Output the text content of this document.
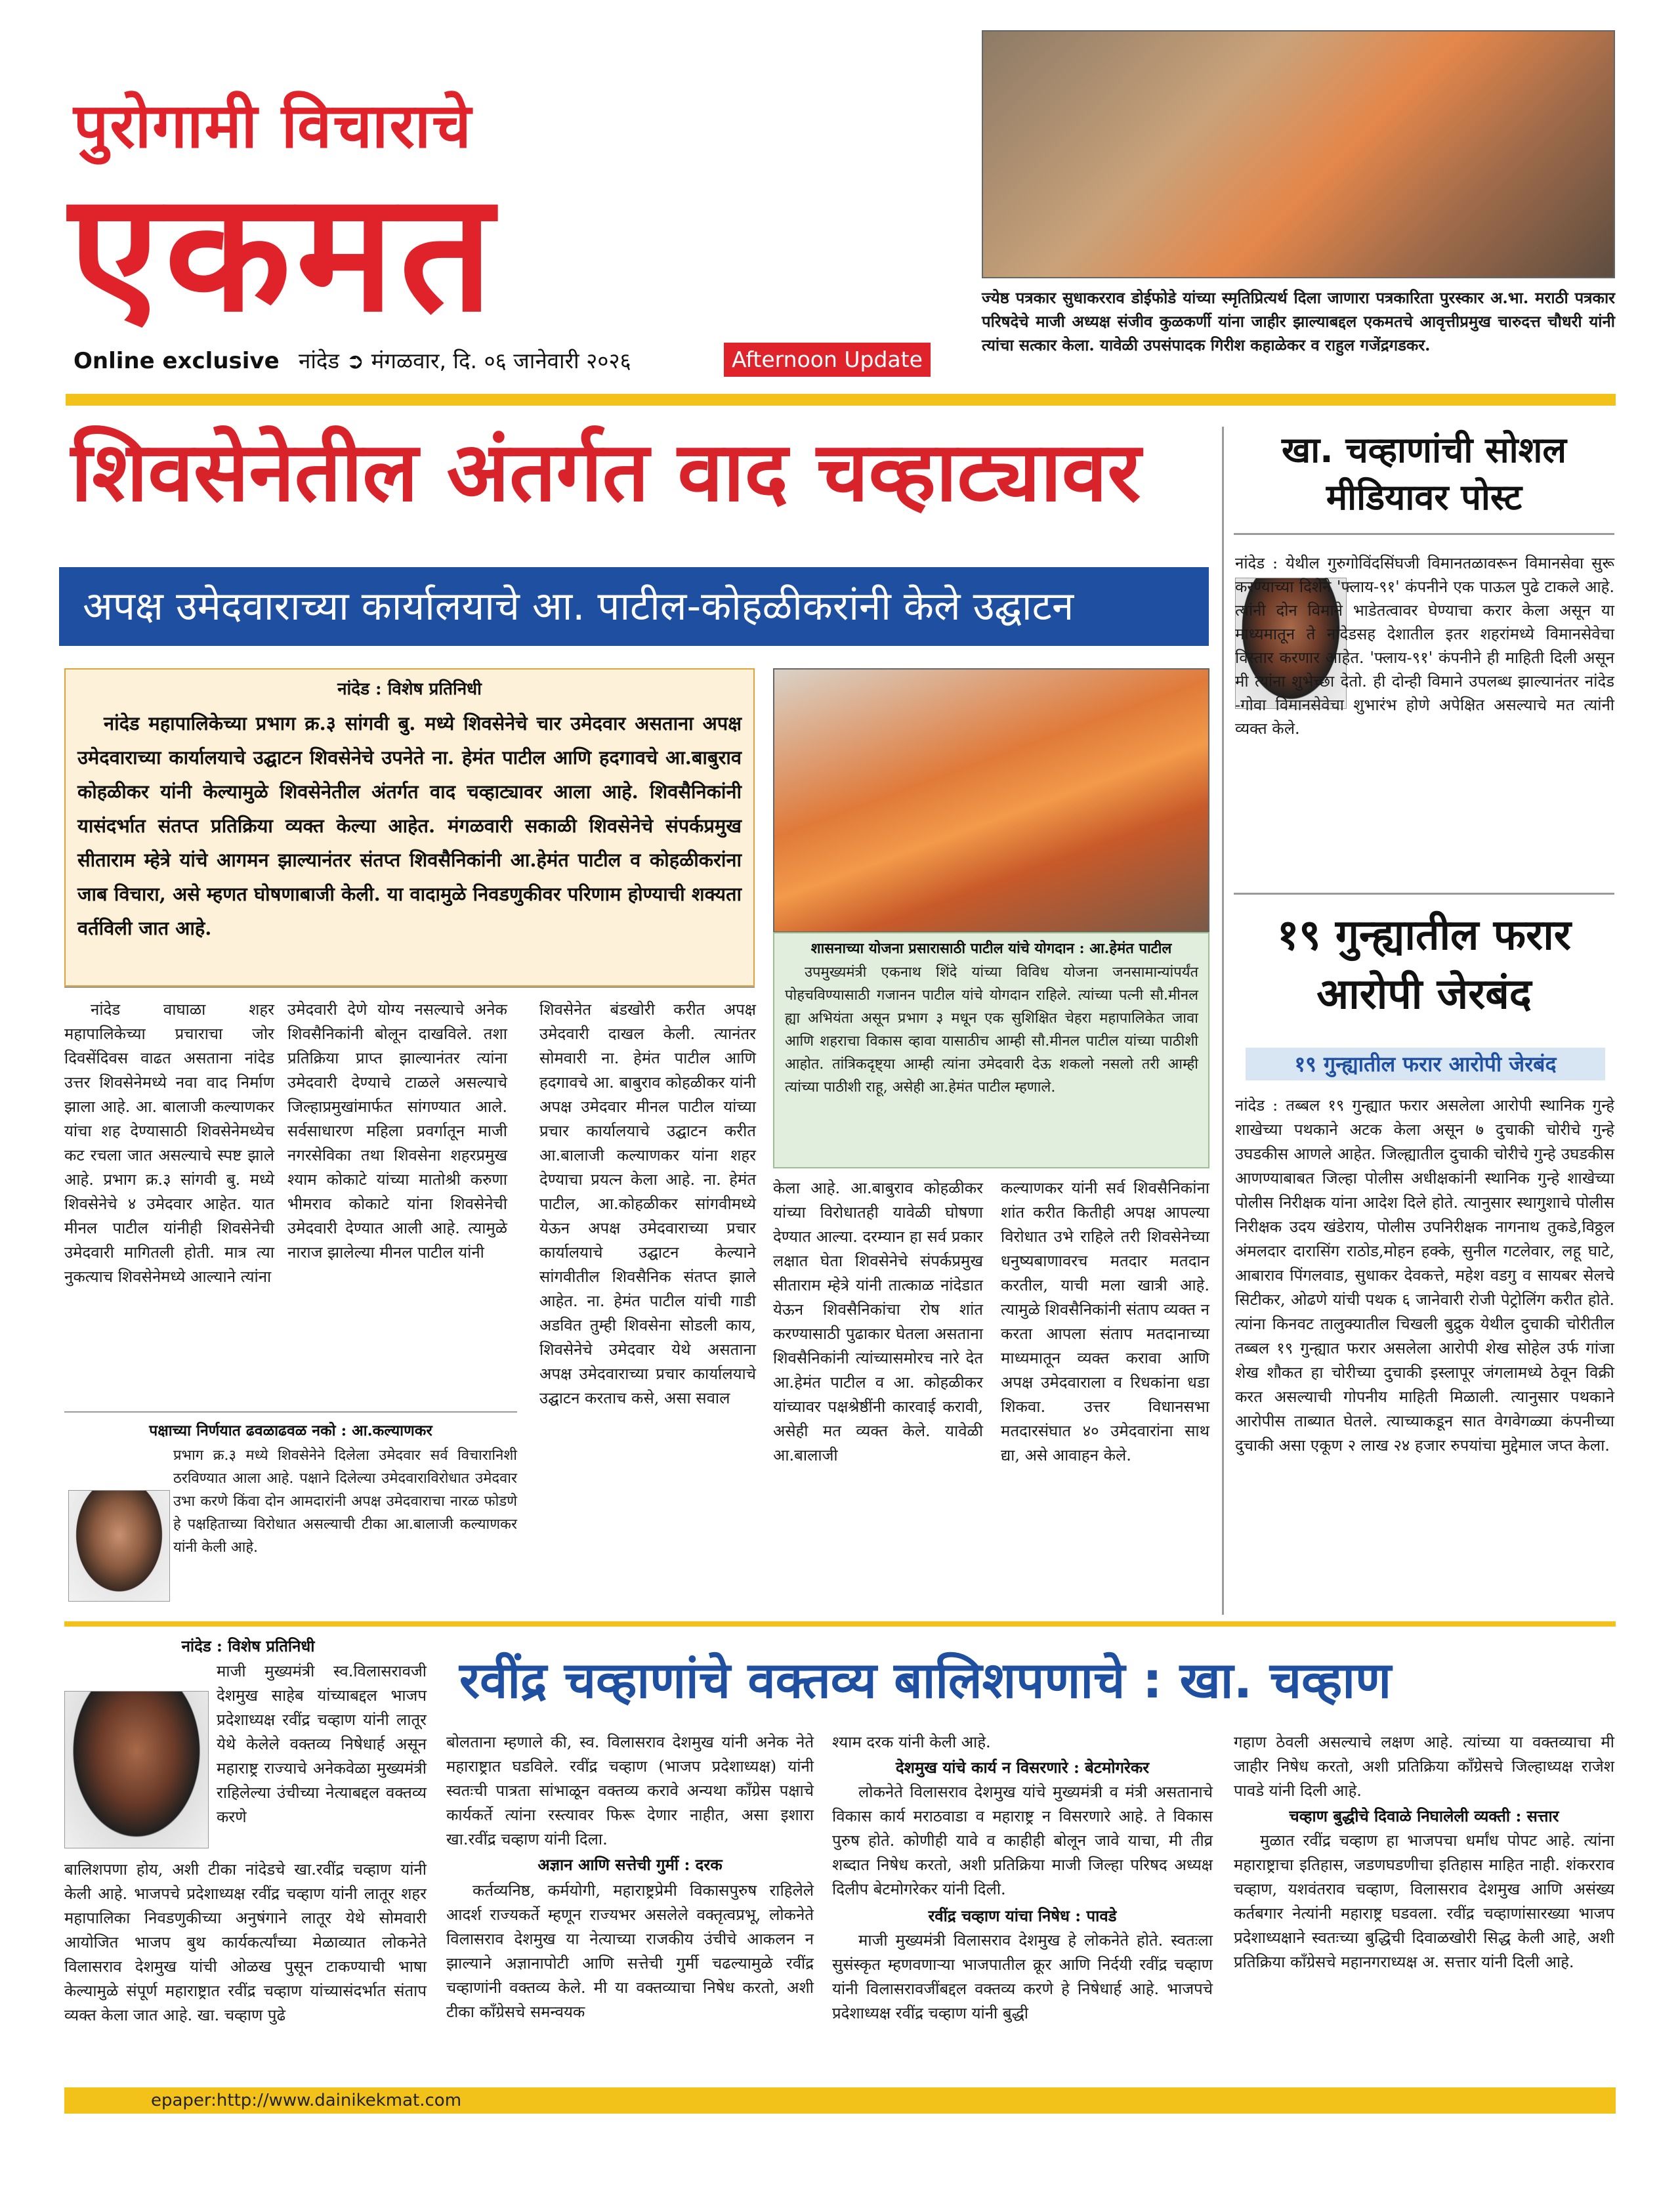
पुरोगामी विचाराचे
एकमत
Online exclusive नांदेड ➲ मंगळवार, दि. ०६ जानेवारी २०२६	Afternoon Update
ज्येष्ठ पत्रकार सुधाकरराव डोईफोडे यांच्या स्मृतिप्रित्यर्थ दिला जाणारा पत्रकारिता पुरस्कार अ.भा. मराठी पत्रकार परिषदेचे माजी अध्यक्ष संजीव कुळकर्णी यांना जाहीर झाल्याबद्दल एकमतचे आवृत्तीप्रमुख चारुदत्त चौधरी यांनी त्यांचा सत्कार केला. यावेळी उपसंपादक गिरीश कहाळेकर व राहुल गजेंद्रगडकर.
शिवसेनेतील अंतर्गत वाद चव्हाट्यावर
अपक्ष उमेदवाराच्या कार्यालयाचे आ. पाटील-कोहळीकरांनी केले उद्घाटन
नांदेड : विशेष प्रतिनिधी
नांदेड महापालिकेच्या प्रभाग क्र.३ सांगवी बु. मध्ये शिवसेनेचे चार उमेदवार असताना अपक्ष उमेदवाराच्या कार्यालयाचे उद्घाटन शिवसेनेचे उपनेते ना. हेमंत पाटील आणि हदगावचे आ.बाबुराव कोहळीकर यांनी केल्यामुळे शिवसेनेतील अंतर्गत वाद चव्हाट्यावर आला आहे. शिवसैनिकांनी यासंदर्भात संतप्त प्रतिक्रिया व्यक्त केल्या आहेत. मंगळवारी सकाळी शिवसेनेचे संपर्कप्रमुख सीताराम म्हेत्रे यांचे आगमन झाल्यानंतर संतप्त शिवसैनिकांनी आ.हेमंत पाटील व कोहळीकरांना जाब विचारा, असे म्हणत घोषणाबाजी केली. या वादामुळे निवडणुकीवर परिणाम होण्याची शक्यता वर्तविली जात आहे.
शासनाच्या योजना प्रसारासाठी पाटील यांचे योगदान : आ.हेमंत पाटील
उपमुख्यमंत्री एकनाथ शिंदे यांच्या विविध योजना जनसामान्यांपर्यंत पोहचविण्यासाठी गजानन पाटील यांचे योगदान राहिले. त्यांच्या पत्नी सौ.मीनल ह्या अभियंता असून प्रभाग ३ मधून एक सुशिक्षित चेहरा महापालिकेत जावा आणि शहराचा विकास व्हावा यासाठीच आम्ही सौ.मीनल पाटील यांच्या पाठीशी आहोत. तांत्रिकदृष्ट्या आम्ही त्यांना उमेदवारी देऊ शकलो नसलो तरी आम्ही त्यांच्या पाठीशी राहू, असेही आ.हेमंत पाटील म्हणाले.
नांदेड वाघाळा शहर महापालिकेच्या प्रचाराचा जोर दिवसेंदिवस वाढत असताना नांदेड उत्तर शिवसेनेमध्ये नवा वाद निर्माण झाला आहे. आ. बालाजी कल्याणकर यांचा शह देण्यासाठी शिवसेनेमध्येच कट रचला जात असल्याचे स्पष्ट झाले आहे. प्रभाग क्र.३ सांगवी बु. मध्ये शिवसेनेचे ४ उमेदवार आहेत. यात मीनल पाटील यांनीही शिवसेनेची उमेदवारी मागितली होती. मात्र त्या नुकत्याच शिवसेनेमध्ये आल्याने त्यांना
उमेदवारी देणे योग्य नसल्याचे अनेक शिवसैनिकांनी बोलून दाखविले. तशा प्रतिक्रिया प्राप्त झाल्यानंतर त्यांना उमेदवारी देण्याचे टाळले असल्याचे जिल्हाप्रमुखांमार्फत सांगण्यात आले. सर्वसाधारण महिला प्रवर्गातून माजी नगरसेविका तथा शिवसेना शहरप्रमुख श्याम कोकाटे यांच्या मातोश्री करुणा भीमराव कोकाटे यांना शिवसेनेची उमेदवारी देण्यात आली आहे. त्यामुळे नाराज झालेल्या मीनल पाटील यांनी
शिवसेनेत बंडखोरी करीत अपक्ष उमेदवारी दाखल केली. त्यानंतर सोमवारी ना. हेमंत पाटील आणि हदगावचे आ. बाबुराव कोहळीकर यांनी अपक्ष उमेदवार मीनल पाटील यांच्या प्रचार कार्यालयाचे उद्घाटन करीत आ.बालाजी कल्याणकर यांना शहर देण्याचा प्रयत्न केला आहे. ना. हेमंत पाटील, आ.कोहळीकर सांगवीमध्ये येऊन अपक्ष उमेदवाराच्या प्रचार कार्यालयाचे उद्घाटन केल्याने सांगवीतील शिवसैनिक संतप्त झाले आहेत. ना. हेमंत पाटील यांची गाडी अडवित तुम्ही शिवसेना सोडली काय, शिवसेनेचे उमेदवार येथे असताना अपक्ष उमेदवाराच्या प्रचार कार्यालयाचे उद्घाटन करताच कसे, असा सवाल
केला आहे. आ.बाबुराव कोहळीकर यांच्या विरोधातही यावेळी घोषणा देण्यात आल्या. दरम्यान हा सर्व प्रकार लक्षात घेता शिवसेनेचे संपर्कप्रमुख सीताराम म्हेत्रे यांनी तात्काळ नांदेडात येऊन शिवसैनिकांचा रोष शांत करण्यासाठी पुढाकार घेतला असताना शिवसैनिकांनी त्यांच्यासमोरच नारे देत आ.हेमंत पाटील व आ. कोहळीकर यांच्यावर पक्षश्रेष्ठींनी कारवाई करावी, असेही मत व्यक्त केले. यावेळी आ.बालाजी
कल्याणकर यांनी सर्व शिवसैनिकांना शांत करीत कितीही अपक्ष आपल्या विरोधात उभे राहिले तरी शिवसेनेच्या धनुष्यबाणावरच मतदार मतदान करतील, याची मला खात्री आहे. त्यामुळे शिवसैनिकांनी संताप व्यक्त न करता आपला संताप मतदानाच्या माध्यमातून व्यक्त करावा आणि अपक्ष उमेदवाराला व रिधकांना धडा शिकवा. उत्तर विधानसभा मतदारसंघात ४० उमेदवारांना साथ द्या, असे आवाहन केले.
पक्षाच्या निर्णयात ढवळाढवळ नको : आ.कल्याणकर
प्रभाग क्र.३ मध्ये शिवसेनेने दिलेला उमेदवार सर्व विचारानिशी ठरविण्यात आला आहे. पक्षाने दिलेल्या उमेदवाराविरोधात उमेदवार उभा करणे किंवा दोन आमदारांनी अपक्ष उमेदवाराचा नारळ फोडणे हे पक्षहिताच्या विरोधात असल्याची टीका आ.बालाजी कल्याणकर यांनी केली आहे.
खा. चव्हाणांची सोशल मीडियावर पोस्ट
नांदेड : येथील गुरुगोविंदसिंघजी विमानतळावरून विमानसेवा सुरू करण्याच्या दिशेने 'फ्लाय-९१' कंपनीने एक पाऊल पुढे टाकले आहे. त्यांनी दोन विमाने भाडेतत्वावर घेण्याचा करार केला असून या माध्यमातून ते नांदेडसह देशातील इतर शहरांमध्ये विमानसेवेचा विस्तार करणार आहेत. 'फ्लाय-९१' कंपनीने ही माहिती दिली असून मी त्यांना शुभेच्छा देतो. ही दोन्ही विमाने उपलब्ध झाल्यानंतर नांदेड -गोवा विमानसेवेचा शुभारंभ होणे अपेक्षित असल्याचे मत त्यांनी व्यक्त केले.
१९ गुन्ह्यातील फरार आरोपी जेरबंद
१९ गुन्ह्यातील फरार आरोपी जेरबंद
नांदेड : तब्बल १९ गुन्ह्यात फरार असलेला आरोपी स्थानिक गुन्हे शाखेच्या पथकाने अटक केला असून ७ दुचाकी चोरीचे गुन्हे उघडकीस आणले आहेत. जिल्ह्यातील दुचाकी चोरीचे गुन्हे उघडकीस आणण्याबाबत जिल्हा पोलीस अधीक्षकांनी स्थानिक गुन्हे शाखेच्या पोलीस निरीक्षक यांना आदेश दिले होते. त्यानुसार स्थागुशाचे पोलीस निरीक्षक उदय खंडेराय, पोलीस उपनिरीक्षक नागनाथ तुकडे,विठ्ठल अंमलदार दारासिंग राठोड,मोहन हक्के, सुनील गटलेवार, लहू घाटे, आबाराव पिंगलवाड, सुधाकर देवकत्ते, महेश वडगु व सायबर सेलचे सिटीकर, ओढणे यांची पथक ६ जानेवारी रोजी पेट्रोलिंग करीत होते. त्यांना किनवट तालुक्यातील चिखली बुद्रुक येथील दुचाकी चोरीतील तब्बल १९ गुन्ह्यात फरार असलेला आरोपी शेख सोहेल उर्फ गांजा शेख शौकत हा चोरीच्या दुचाकी इस्लापूर जंगलामध्ये ठेवून विक्री करत असल्याची गोपनीय माहिती मिळाली. त्यानुसार पथकाने आरोपीस ताब्यात घेतले. त्याच्याकडून सात वेगवेगळ्या कंपनीच्या दुचाकी असा एकूण २ लाख २४ हजार रुपयांचा मुद्देमाल जप्त केला.
नांदेड : विशेष प्रतिनिधी
माजी मुख्यमंत्री स्व.विलासरावजी देशमुख साहेब यांच्याबद्दल भाजप प्रदेशाध्यक्ष रवींद्र चव्हाण यांनी लातूर येथे केलेले वक्तव्य निषेधार्ह असून महाराष्ट्र राज्याचे अनेकवेळा मुख्यमंत्री राहिलेल्या उंचीच्या नेत्याबद्दल वक्तव्य करणे
बालिशपणा होय, अशी टीका नांदेडचे खा.रवींद्र चव्हाण यांनी केली आहे. भाजपचे प्रदेशाध्यक्ष रवींद्र चव्हाण यांनी लातूर शहर महापालिका निवडणुकीच्या अनुषंगाने लातूर येथे सोमवारी आयोजित भाजप बुथ कार्यकर्त्यांच्या मेळाव्यात लोकनेते विलासराव देशमुख यांची ओळख पुसून टाकण्याची भाषा केल्यामुळे संपूर्ण महाराष्ट्रात रवींद्र चव्हाण यांच्यासंदर्भात संताप व्यक्त केला जात आहे. खा. चव्हाण पुढे
रवींद्र चव्हाणांचे वक्तव्य बालिशपणाचे : खा. चव्हाण
बोलताना म्हणाले की, स्व. विलासराव देशमुख यांनी अनेक नेते महाराष्ट्रात घडविले. रवींद्र चव्हाण (भाजप प्रदेशाध्यक्ष) यांनी स्वतःची पात्रता सांभाळून वक्तव्य करावे अन्यथा काँग्रेस पक्षाचे कार्यकर्ते त्यांना रस्त्यावर फिरू देणार नाहीत, असा इशारा खा.रवींद्र चव्हाण यांनी दिला.
अज्ञान आणि सत्तेची गुर्मी : दरक
कर्तव्यनिष्ठ, कर्मयोगी, महाराष्ट्रप्रेमी विकासपुरुष राहिलेले आदर्श राज्यकर्ते म्हणून राज्यभर असलेले वक्तृत्वप्रभू, लोकनेते विलासराव देशमुख या नेत्याच्या राजकीय उंचीचे आकलन न झाल्याने अज्ञानापोटी आणि सत्तेची गुर्मी चढल्यामुळे रवींद्र चव्हाणांनी वक्तव्य केले. मी या वक्तव्याचा निषेध करतो, अशी टीका काँग्रेसचे समन्वयक
श्याम दरक यांनी केली आहे.
देशमुख यांचे कार्य न विसरणारे : बेटमोगरेकर
लोकनेते विलासराव देशमुख यांचे मुख्यमंत्री व मंत्री असतानाचे विकास कार्य मराठवाडा व महाराष्ट्र न विसरणारे आहे. ते विकास पुरुष होते. कोणीही यावे व काहीही बोलून जावे याचा, मी तीव्र शब्दात निषेध करतो, अशी प्रतिक्रिया माजी जिल्हा परिषद अध्यक्ष दिलीप बेटमोगरेकर यांनी दिली.
रवींद्र चव्हाण यांचा निषेध : पावडे
माजी मुख्यमंत्री विलासराव देशमुख हे लोकनेते होते. स्वतःला सुसंस्कृत म्हणवणाऱ्या भाजपातील क्रूर आणि निर्दयी रवींद्र चव्हाण यांनी विलासरावजींबद्दल वक्तव्य करणे हे निषेधार्ह आहे. भाजपचे प्रदेशाध्यक्ष रवींद्र चव्हाण यांनी बुद्धी
गहाण ठेवली असल्याचे लक्षण आहे. त्यांच्या या वक्तव्याचा मी जाहीर निषेध करतो, अशी प्रतिक्रिया काँग्रेसचे जिल्हाध्यक्ष राजेश पावडे यांनी दिली आहे.
चव्हाण बुद्धीचे दिवाळे निघालेली व्यक्ती : सत्तार
मुळात रवींद्र चव्हाण हा भाजपचा धर्मांध पोपट आहे. त्यांना महाराष्ट्राचा इतिहास, जडणघडणीचा इतिहास माहित नाही. शंकरराव चव्हाण, यशवंतराव चव्हाण, विलासराव देशमुख आणि असंख्य कर्तबगार नेत्यांनी महाराष्ट्र घडवला. रवींद्र चव्हाणांसारख्या भाजप प्रदेशाध्यक्षाने स्वतःच्या बुद्धिची दिवाळखोरी सिद्ध केली आहे, अशी प्रतिक्रिया काँग्रेसचे महानगराध्यक्ष अ. सत्तार यांनी दिली आहे.
epaper:http://www.dainikekmat.com
